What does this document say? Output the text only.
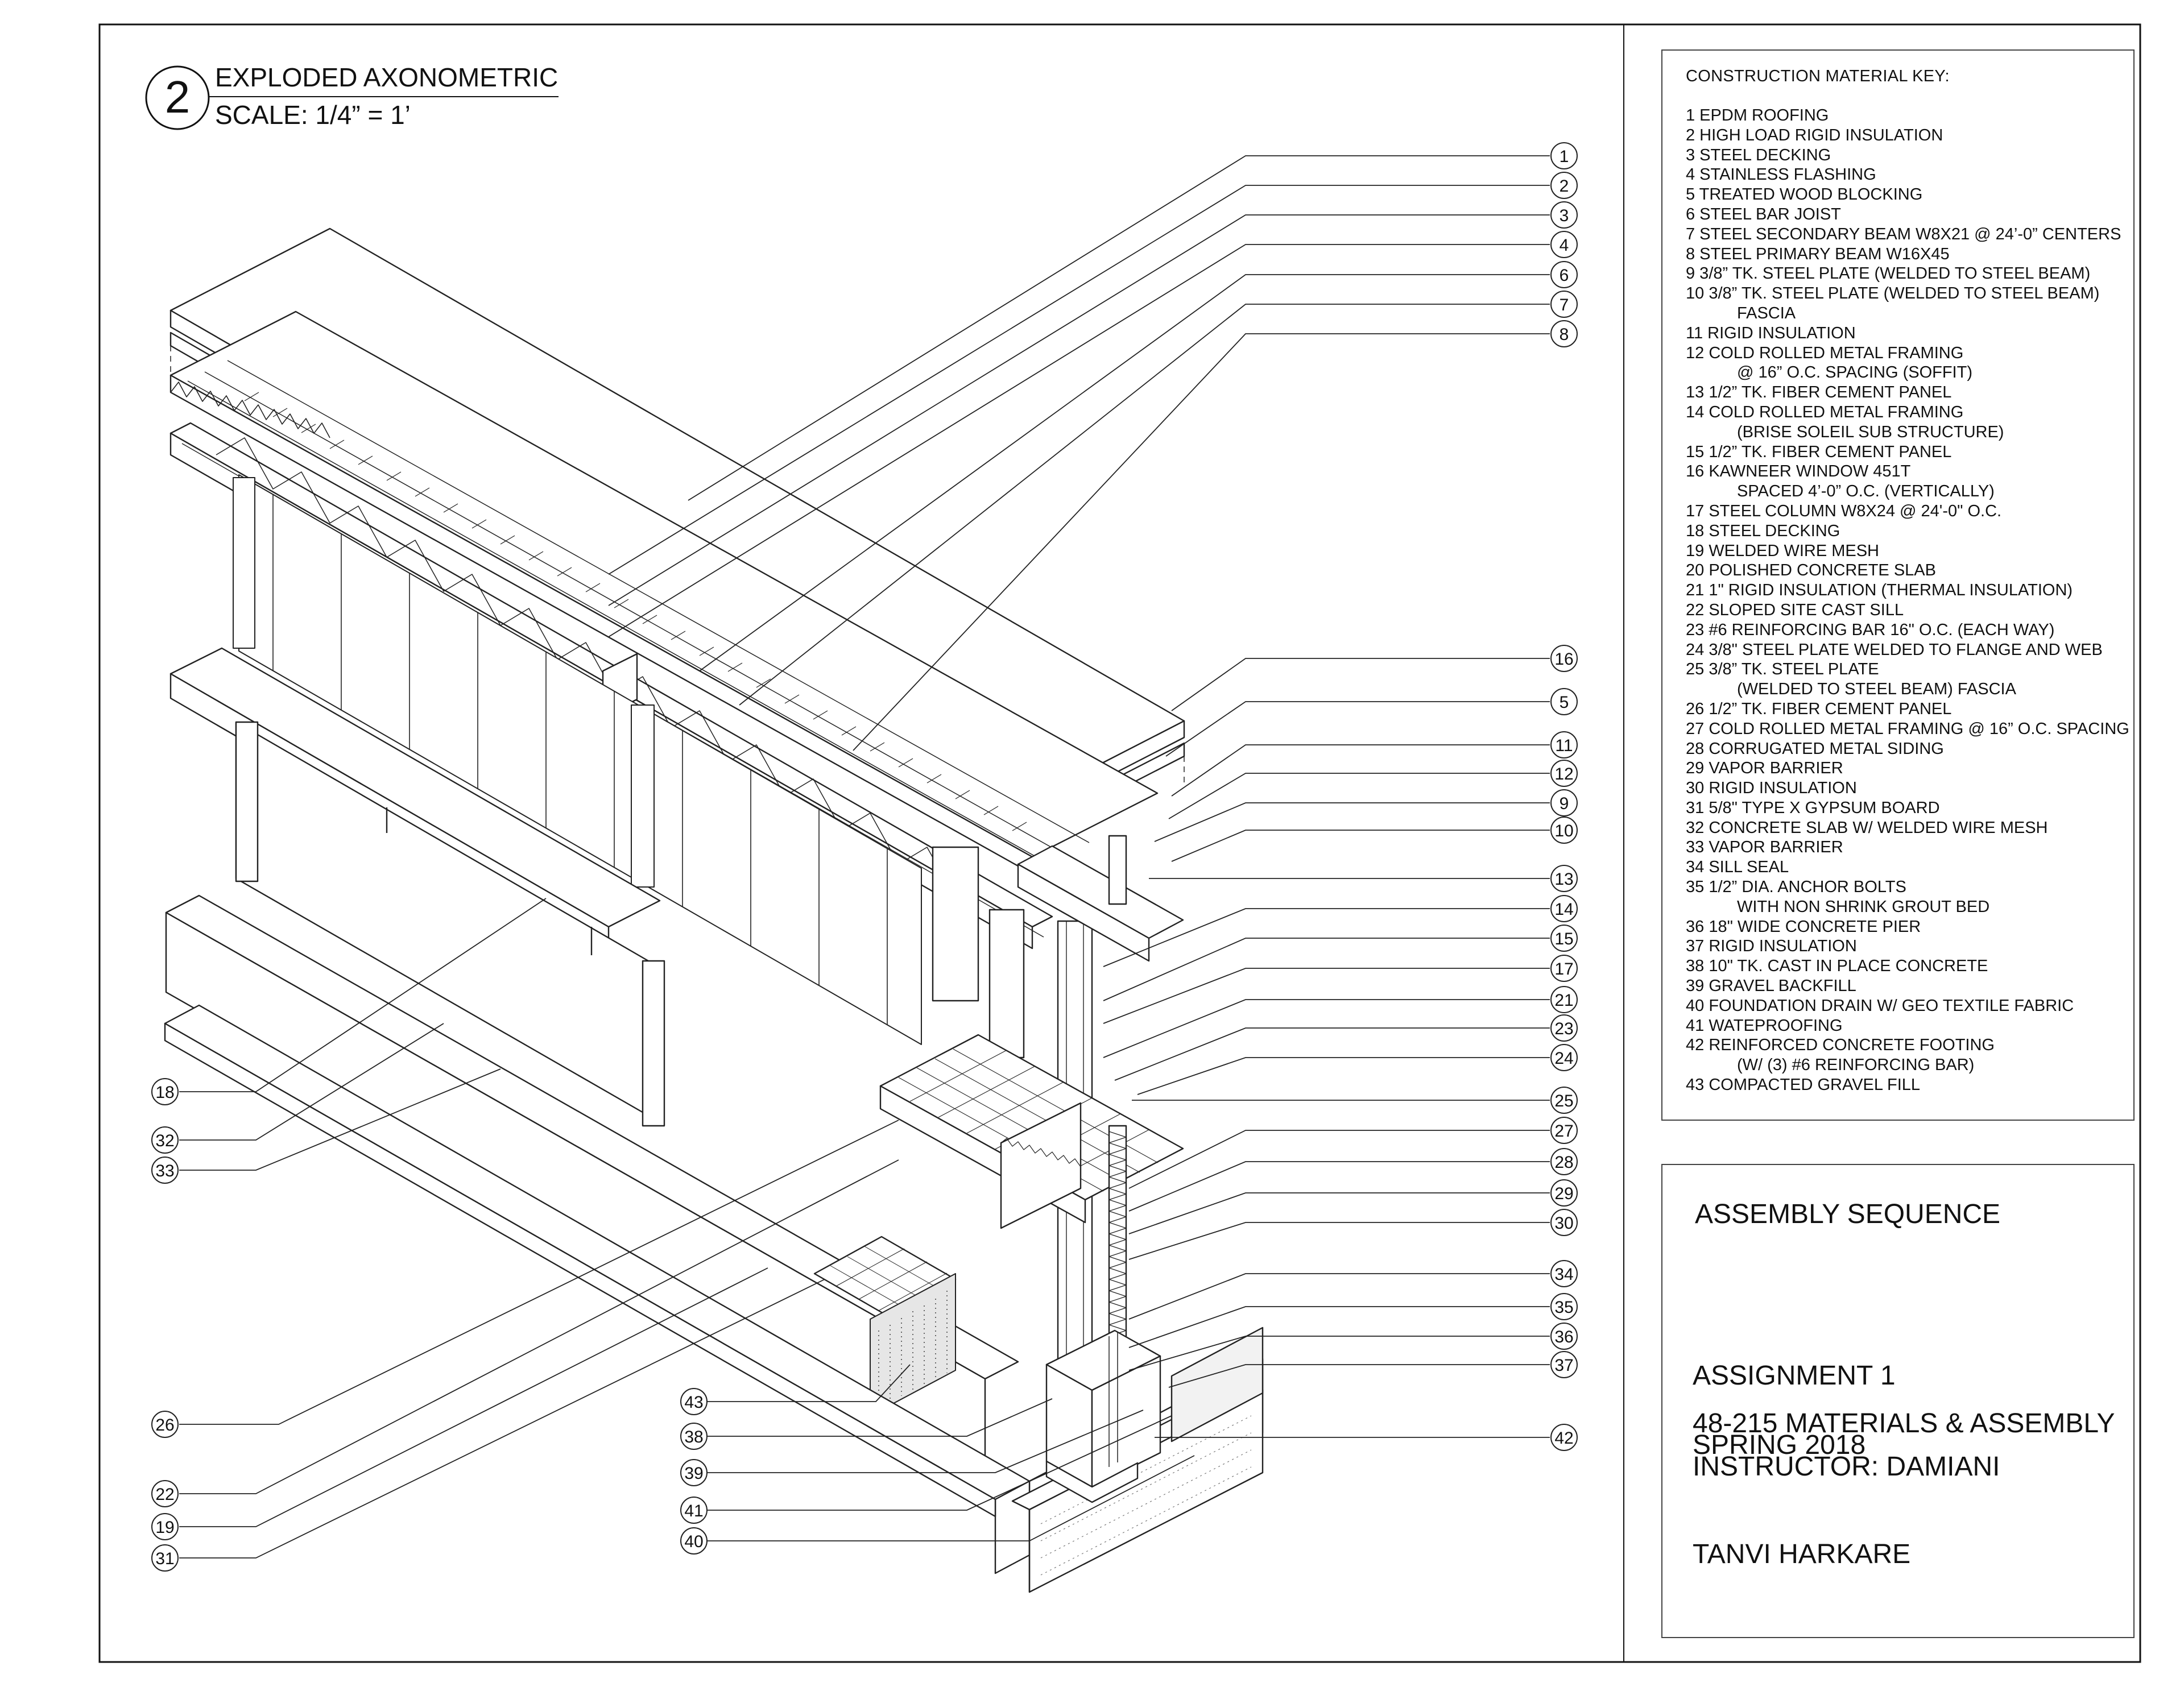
2 EXPLODED AXONOMETRIC
SCALE: 1/4” = 1’
1
2
3
4
6
7
8
16
5
11
12
9
10
13
14
15
17
21
23
24
25
27
28
29
30
34
35
36
37
42
18
32
33
26
22
19
31
43
38
39
41
40
CONSTRUCTION MATERIAL KEY:
1 EPDM ROOFING
2 HIGH LOAD RIGID INSULATION
3 STEEL DECKING
4 STAINLESS FLASHING
5 TREATED WOOD BLOCKING
6 STEEL BAR JOIST
7 STEEL SECONDARY BEAM W8X21 @ 24’-0” CENTERS
8 STEEL PRIMARY BEAM W16X45
9 3/8” TK. STEEL PLATE (WELDED TO STEEL BEAM)
10 3/8” TK. STEEL PLATE (WELDED TO STEEL BEAM)
FASCIA
11 RIGID INSULATION
12 COLD ROLLED METAL FRAMING
@ 16” O.C. SPACING (SOFFIT)
13 1/2” TK. FIBER CEMENT PANEL
14 COLD ROLLED METAL FRAMING
(BRISE SOLEIL SUB STRUCTURE)
15 1/2” TK. FIBER CEMENT PANEL
16 KAWNEER WINDOW 451T
SPACED 4’-0” O.C. (VERTICALLY)
17 STEEL COLUMN W8X24 @ 24'-0" O.C.
18 STEEL DECKING
19 WELDED WIRE MESH
20 POLISHED CONCRETE SLAB
21 1" RIGID INSULATION (THERMAL INSULATION)
22 SLOPED SITE CAST SILL
23 #6 REINFORCING BAR 16" O.C. (EACH WAY)
24 3/8" STEEL PLATE WELDED TO FLANGE AND WEB
25 3/8” TK. STEEL PLATE
(WELDED TO STEEL BEAM) FASCIA
26 1/2” TK. FIBER CEMENT PANEL
27 COLD ROLLED METAL FRAMING @ 16” O.C. SPACING
28 CORRUGATED METAL SIDING
29 VAPOR BARRIER
30 RIGID INSULATION
31 5/8" TYPE X GYPSUM BOARD
32 CONCRETE SLAB W/ WELDED WIRE MESH
33 VAPOR BARRIER
34 SILL SEAL
35 1/2” DIA. ANCHOR BOLTS
WITH NON SHRINK GROUT BED
36 18" WIDE CONCRETE PIER
37 RIGID INSULATION
38 10" TK. CAST IN PLACE CONCRETE
39 GRAVEL BACKFILL
40 FOUNDATION DRAIN W/ GEO TEXTILE FABRIC
41 WATEPROOFING
42 REINFORCED CONCRETE FOOTING
(W/ (3) #6 REINFORCING BAR)
43 COMPACTED GRAVEL FILL
ASSEMBLY SEQUENCE
ASSIGNMENT 1
48-215 MATERIALS & ASSEMBLY
SPRING 2018
INSTRUCTOR: DAMIANI
TANVI HARKARE
